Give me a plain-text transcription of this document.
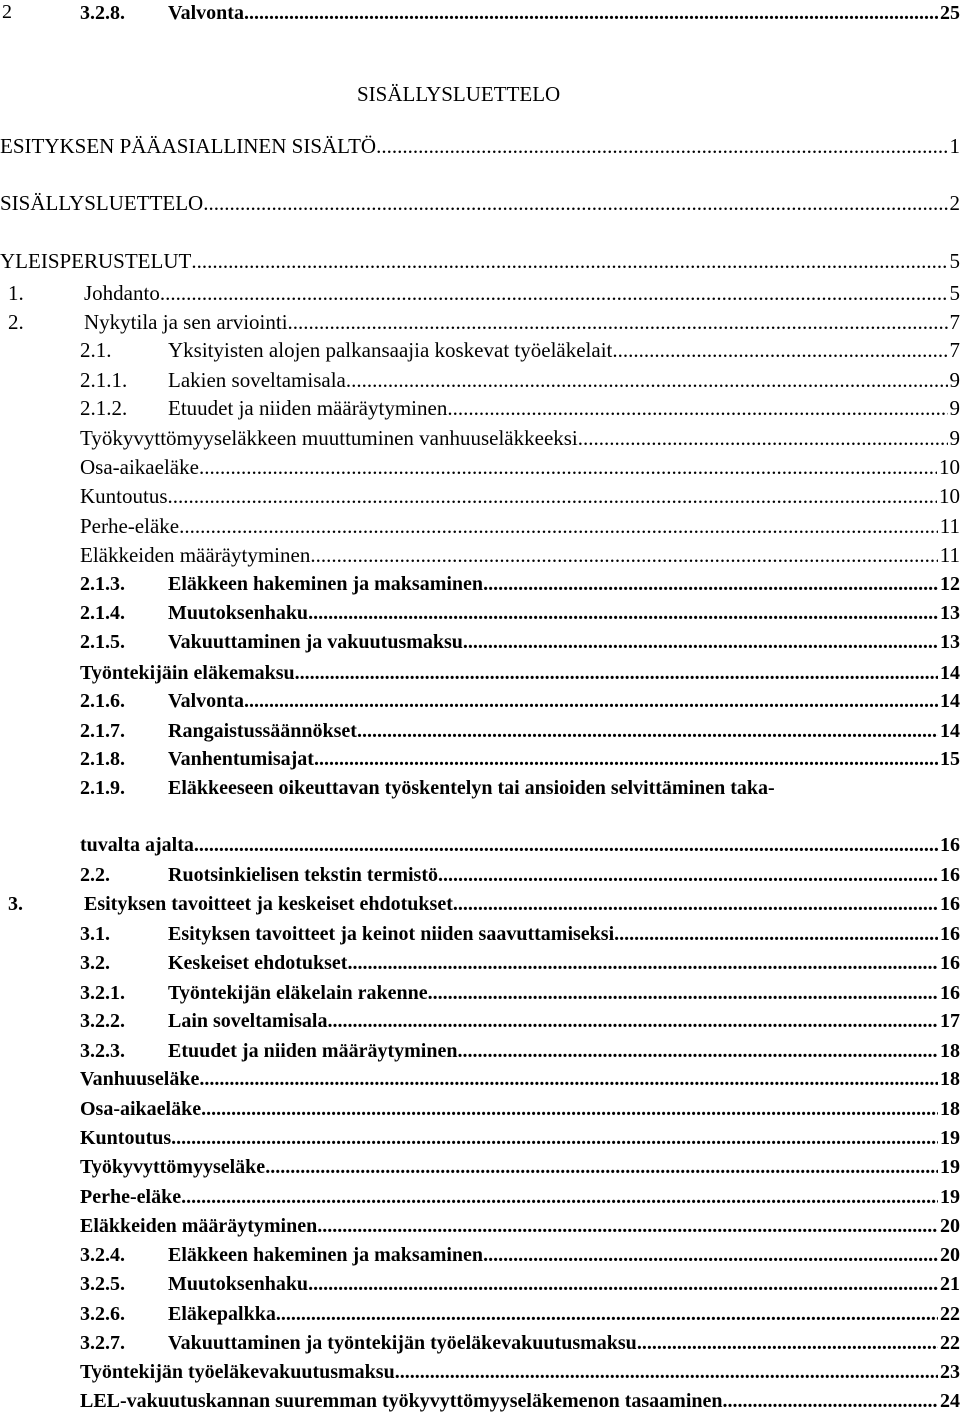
2
SISÄLLYSLUETTELO
ESITYKSEN PÄÄASIALLINEN SISÄLTÖ .....	1
SISÄLLYSLUETTELO .....	2
YLEISPERUSTELUT .....	5
1.	Johdanto .....	5
2.	Nykytila ja sen arviointi .....	7
2.1.	Yksityisten alojen palkansaajia koskevat työeläkelait .....	7
2.1.1.	Lakien soveltamisala .....	9
2.1.2.	Etuudet ja niiden määräytyminen .....	9
Työkyvyttömyyseläkkeen muuttuminen vanhuuseläkkeeksi .....	9
Osa-aikaeläke .....	10
Kuntoutus .....	10
Perhe-eläke .....	11
Eläkkeiden määräytyminen .....	11
2.1.3.	Eläkkeen hakeminen ja maksaminen .....	12
2.1.4.	Muutoksenhaku .....	13
2.1.5.	Vakuuttaminen ja vakuutusmaksu .....	13
Työntekijäin eläkemaksu .....	14
2.1.6.	Valvonta .....	14
2.1.7.	Rangaistussäännökset .....	14
2.1.8.	Vanhentumisajat .....	15
2.1.9. Eläkkeeseen oikeuttavan työskentelyn tai ansioiden selvittäminen taka-
tuvalta ajalta .....	16
2.2.	Ruotsinkielisen tekstin termistö .....	16
3.	Esityksen tavoitteet ja keskeiset ehdotukset .....	16
3.1.	Esityksen tavoitteet ja keinot niiden saavuttamiseksi .....	16
3.2.	Keskeiset ehdotukset .....	16
3.2.1.	Työntekijän eläkelain rakenne .....	16
3.2.2.	Lain soveltamisala .....	17
3.2.3.	Etuudet ja niiden määräytyminen .....	18
Vanhuuseläke .....	18
Osa-aikaeläke .....	18
Kuntoutus .....	19
Työkyvyttömyyseläke .....	19
Perhe-eläke .....	19
Eläkkeiden määräytyminen .....	20
3.2.4.	Eläkkeen hakeminen ja maksaminen .....	20
3.2.5.	Muutoksenhaku .....	21
3.2.6.	Eläkepalkka .....	22
3.2.7.	Vakuuttaminen ja työntekijän työeläkevakuutusmaksu .....	22
Työntekijän työeläkevakuutusmaksu .....	23
LEL-vakuutuskannan suuremman työkyvyttömyyseläkemenon tasaaminen .....	24
3.2.8.	Valvonta .....	25
